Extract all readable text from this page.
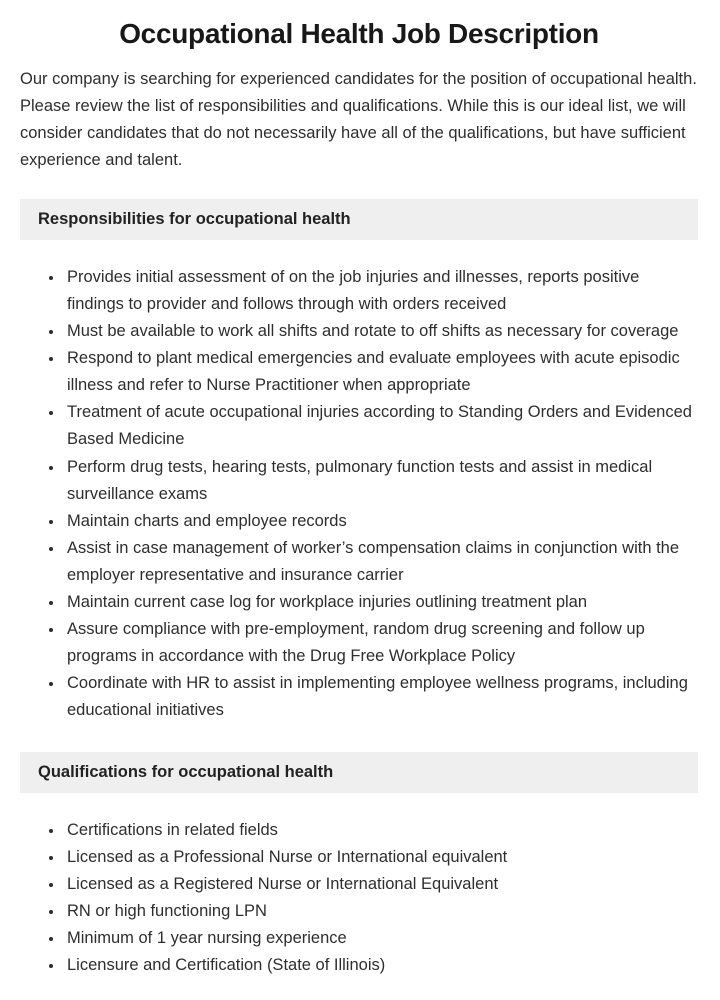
Occupational Health Job Description

Our company is searching for experienced candidates for the position of occupational health. Please review the list of responsibilities and qualifications. While this is our ideal list, we will consider candidates that do not necessarily have all of the qualifications, but have sufficient experience and talent.

Responsibilities for occupational health
• Provides initial assessment of on the job injuries and illnesses, reports positive findings to provider and follows through with orders received
• Must be available to work all shifts and rotate to off shifts as necessary for coverage
• Respond to plant medical emergencies and evaluate employees with acute episodic illness and refer to Nurse Practitioner when appropriate
• Treatment of acute occupational injuries according to Standing Orders and Evidenced Based Medicine
• Perform drug tests, hearing tests, pulmonary function tests and assist in medical surveillance exams
• Maintain charts and employee records
• Assist in case management of worker’s compensation claims in conjunction with the employer representative and insurance carrier
• Maintain current case log for workplace injuries outlining treatment plan
• Assure compliance with pre-employment, random drug screening and follow up programs in accordance with the Drug Free Workplace Policy
• Coordinate with HR to assist in implementing employee wellness programs, including educational initiatives
Qualifications for occupational health
• Certifications in related fields
• Licensed as a Professional Nurse or International equivalent
• Licensed as a Registered Nurse or International Equivalent
• RN or high functioning LPN
• Minimum of 1 year nursing experience
• Licensure and Certification (State of Illinois)
